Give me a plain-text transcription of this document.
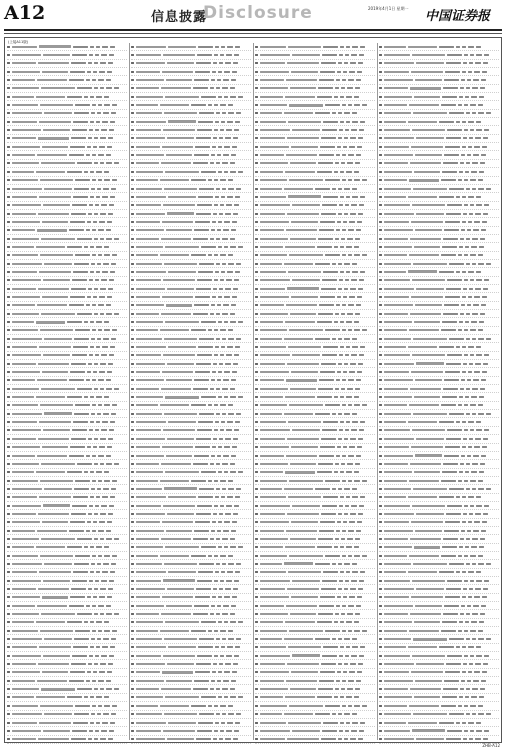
A12	信息披露
Disclosure	2019年4月1日 星期一
中国证券报
(上接A11版)
ZHB-A12
